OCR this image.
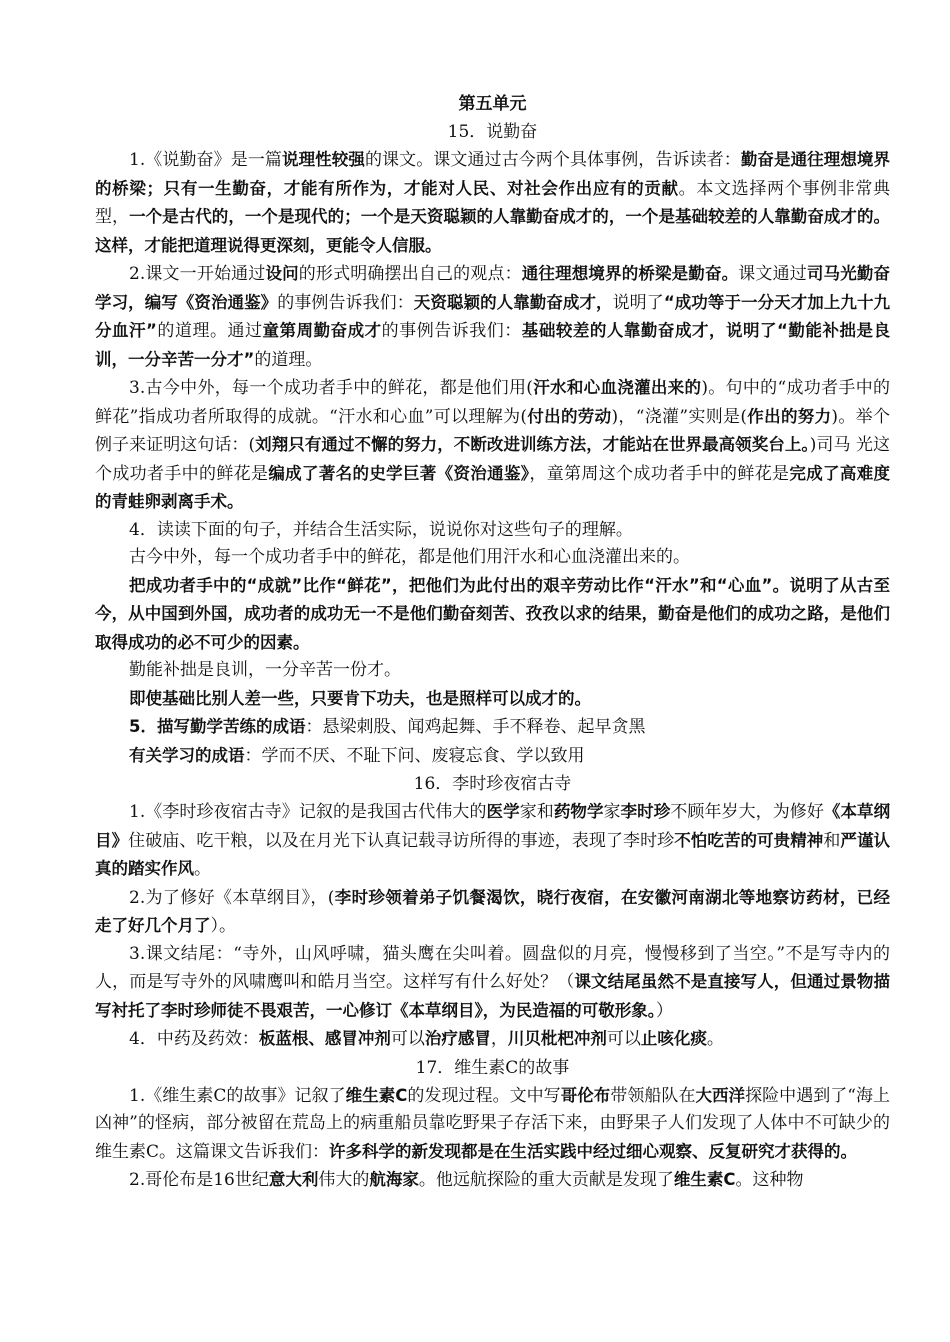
第五单元
15．说勤奋

1.《说勤奋》是一篇说理性较强的课文。课文通过古今两个具体事例，告诉读者：勤奋是通往理想境界的桥梁；只有一生勤奋，才能有所作为，才能对人民、对社会作出应有的贡献。本文选择两个事例非常典型，一个是古代的，一个是现代的；一个是天资聪颖的人靠勤奋成才的，一个是基础较差的人靠勤奋成才的。这样，才能把道理说得更深刻，更能令人信服。

2.课文一开始通过设问的形式明确摆出自己的观点：通往理想境界的桥梁是勤奋。课文通过司马光勤奋学习，编写《资治通鉴》的事例告诉我们：天资聪颖的人靠勤奋成才，说明了“成功等于一分天才加上九十九分血汗”的道理。通过童第周勤奋成才的事例告诉我们：基础较差的人靠勤奋成才，说明了“勤能补拙是良训，一分辛苦一分才”的道理。

3.古今中外，每一个成功者手中的鲜花，都是他们用(汗水和心血浇灌出来的)。句中的“成功者手中的鲜花”指成功者所取得的成就。“汗水和心血”可以理解为(付出的劳动)，“浇灌”实则是(作出的努力)。举个例子来证明这句话：(刘翔只有通过不懈的努力，不断改进训练方法，才能站在世界最高领奖台上。)司马 光这个成功者手中的鲜花是编成了著名的史学巨著《资治通鉴》，童第周这个成功者手中的鲜花是完成了高难度的青蛙卵剥离手术。

4．读读下面的句子，并结合生活实际，说说你对这些句子的理解。

古今中外，每一个成功者手中的鲜花，都是他们用汗水和心血浇灌出来的。

把成功者手中的“成就”比作“鲜花”，把他们为此付出的艰辛劳动比作“汗水”和“心血”。说明了从古至今，从中国到外国，成功者的成功无一不是他们勤奋刻苦、孜孜以求的结果，勤奋是他们的成功之路，是他们取得成功的必不可少的因素。

勤能补拙是良训，一分辛苦一份才。

即使基础比别人差一些，只要肯下功夫，也是照样可以成才的。

5．描写勤学苦练的成语：悬梁刺股、闻鸡起舞、手不释卷、起早贪黑

有关学习的成语：学而不厌、不耻下问、废寝忘食、学以致用

16．李时珍夜宿古寺

1.《李时珍夜宿古寺》记叙的是我国古代伟大的医学家和药物学家李时珍不顾年岁大，为修好《本草纲目》住破庙、吃干粮，以及在月光下认真记载寻访所得的事迹，表现了李时珍不怕吃苦的可贵精神和严谨认真的踏实作风。

2.为了修好《本草纲目》，(李时珍领着弟子饥餐渴饮，晓行夜宿，在安徽河南湖北等地察访药材，已经走了好几个月了）。

3.课文结尾：“寺外，山风呼啸，猫头鹰在尖叫着。圆盘似的月亮，慢慢移到了当空。”不是写寺内的人，而是写寺外的风啸鹰叫和皓月当空。这样写有什么好处？（课文结尾虽然不是直接写人，但通过景物描写衬托了李时珍师徒不畏艰苦，一心修订《本草纲目》，为民造福的可敬形象。）

4．中药及药效：板蓝根、感冒冲剂可以治疗感冒，川贝枇杷冲剂可以止咳化痰。

17．维生素C的故事

1.《维生素C的故事》记叙了维生素C的发现过程。文中写哥伦布带领船队在大西洋探险中遇到了“海上凶神”的怪病，部分被留在荒岛上的病重船员靠吃野果子存活下来，由野果子人们发现了人体中不可缺少的维生素C。这篇课文告诉我们：许多科学的新发现都是在生活实践中经过细心观察、反复研究才获得的。

2.哥伦布是16世纪意大利伟大的航海家。他远航探险的重大贡献是发现了维生素C。这种物
